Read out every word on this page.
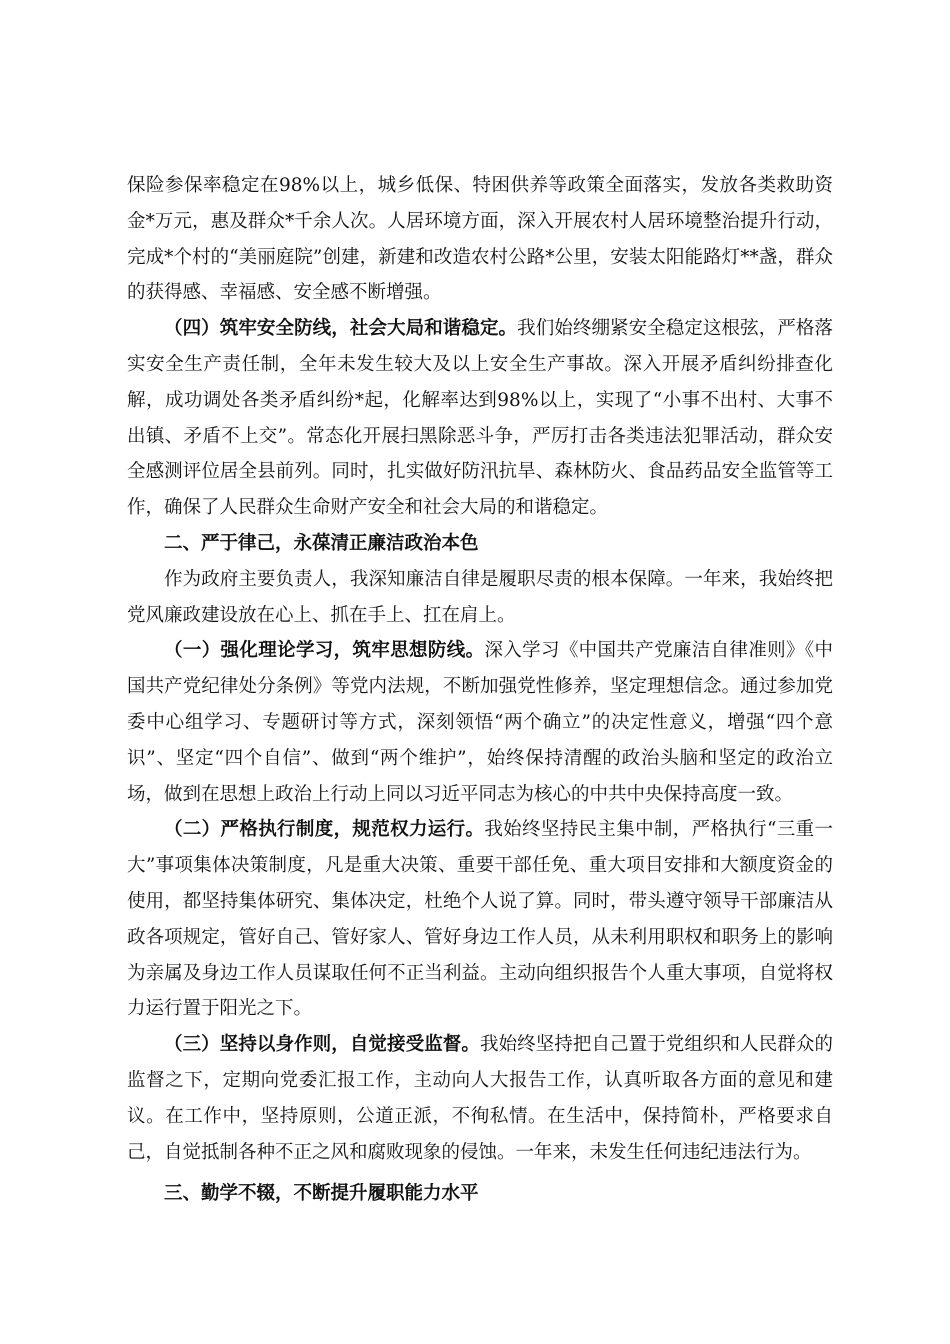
保险参保率稳定在98%以上，城乡低保、特困供养等政策全面落实，发放各类救助资金*万元，惠及群众*千余人次。人居环境方面，深入开展农村人居环境整治提升行动，完成*个村的“美丽庭院”创建，新建和改造农村公路*公里，安装太阳能路灯**盏，群众的获得感、幸福感、安全感不断增强。

（四）筑牢安全防线，社会大局和谐稳定。我们始终绷紧安全稳定这根弦，严格落实安全生产责任制，全年未发生较大及以上安全生产事故。深入开展矛盾纠纷排查化解，成功调处各类矛盾纠纷*起，化解率达到98%以上，实现了“小事不出村、大事不出镇、矛盾不上交”。常态化开展扫黑除恶斗争，严厉打击各类违法犯罪活动，群众安全感测评位居全县前列。同时，扎实做好防汛抗旱、森林防火、食品药品安全监管等工作，确保了人民群众生命财产安全和社会大局的和谐稳定。

二、严于律己，永葆清正廉洁政治本色

作为政府主要负责人，我深知廉洁自律是履职尽责的根本保障。一年来，我始终把党风廉政建设放在心上、抓在手上、扛在肩上。

（一）强化理论学习，筑牢思想防线。深入学习《中国共产党廉洁自律准则》《中国共产党纪律处分条例》等党内法规，不断加强党性修养，坚定理想信念。通过参加党委中心组学习、专题研讨等方式，深刻领悟“两个确立”的决定性意义，增强“四个意识”、坚定“四个自信”、做到“两个维护”，始终保持清醒的政治头脑和坚定的政治立场，做到在思想上政治上行动上同以习近平同志为核心的中共中央保持高度一致。

（二）严格执行制度，规范权力运行。我始终坚持民主集中制，严格执行“三重一大”事项集体决策制度，凡是重大决策、重要干部任免、重大项目安排和大额度资金的使用，都坚持集体研究、集体决定，杜绝个人说了算。同时，带头遵守领导干部廉洁从政各项规定，管好自己、管好家人、管好身边工作人员，从未利用职权和职务上的影响为亲属及身边工作人员谋取任何不正当利益。主动向组织报告个人重大事项，自觉将权力运行置于阳光之下。

（三）坚持以身作则，自觉接受监督。我始终坚持把自己置于党组织和人民群众的监督之下，定期向党委汇报工作，主动向人大报告工作，认真听取各方面的意见和建议。在工作中，坚持原则，公道正派，不徇私情。在生活中，保持简朴，严格要求自己，自觉抵制各种不正之风和腐败现象的侵蚀。一年来，未发生任何违纪违法行为。

三、勤学不辍，不断提升履职能力水平
